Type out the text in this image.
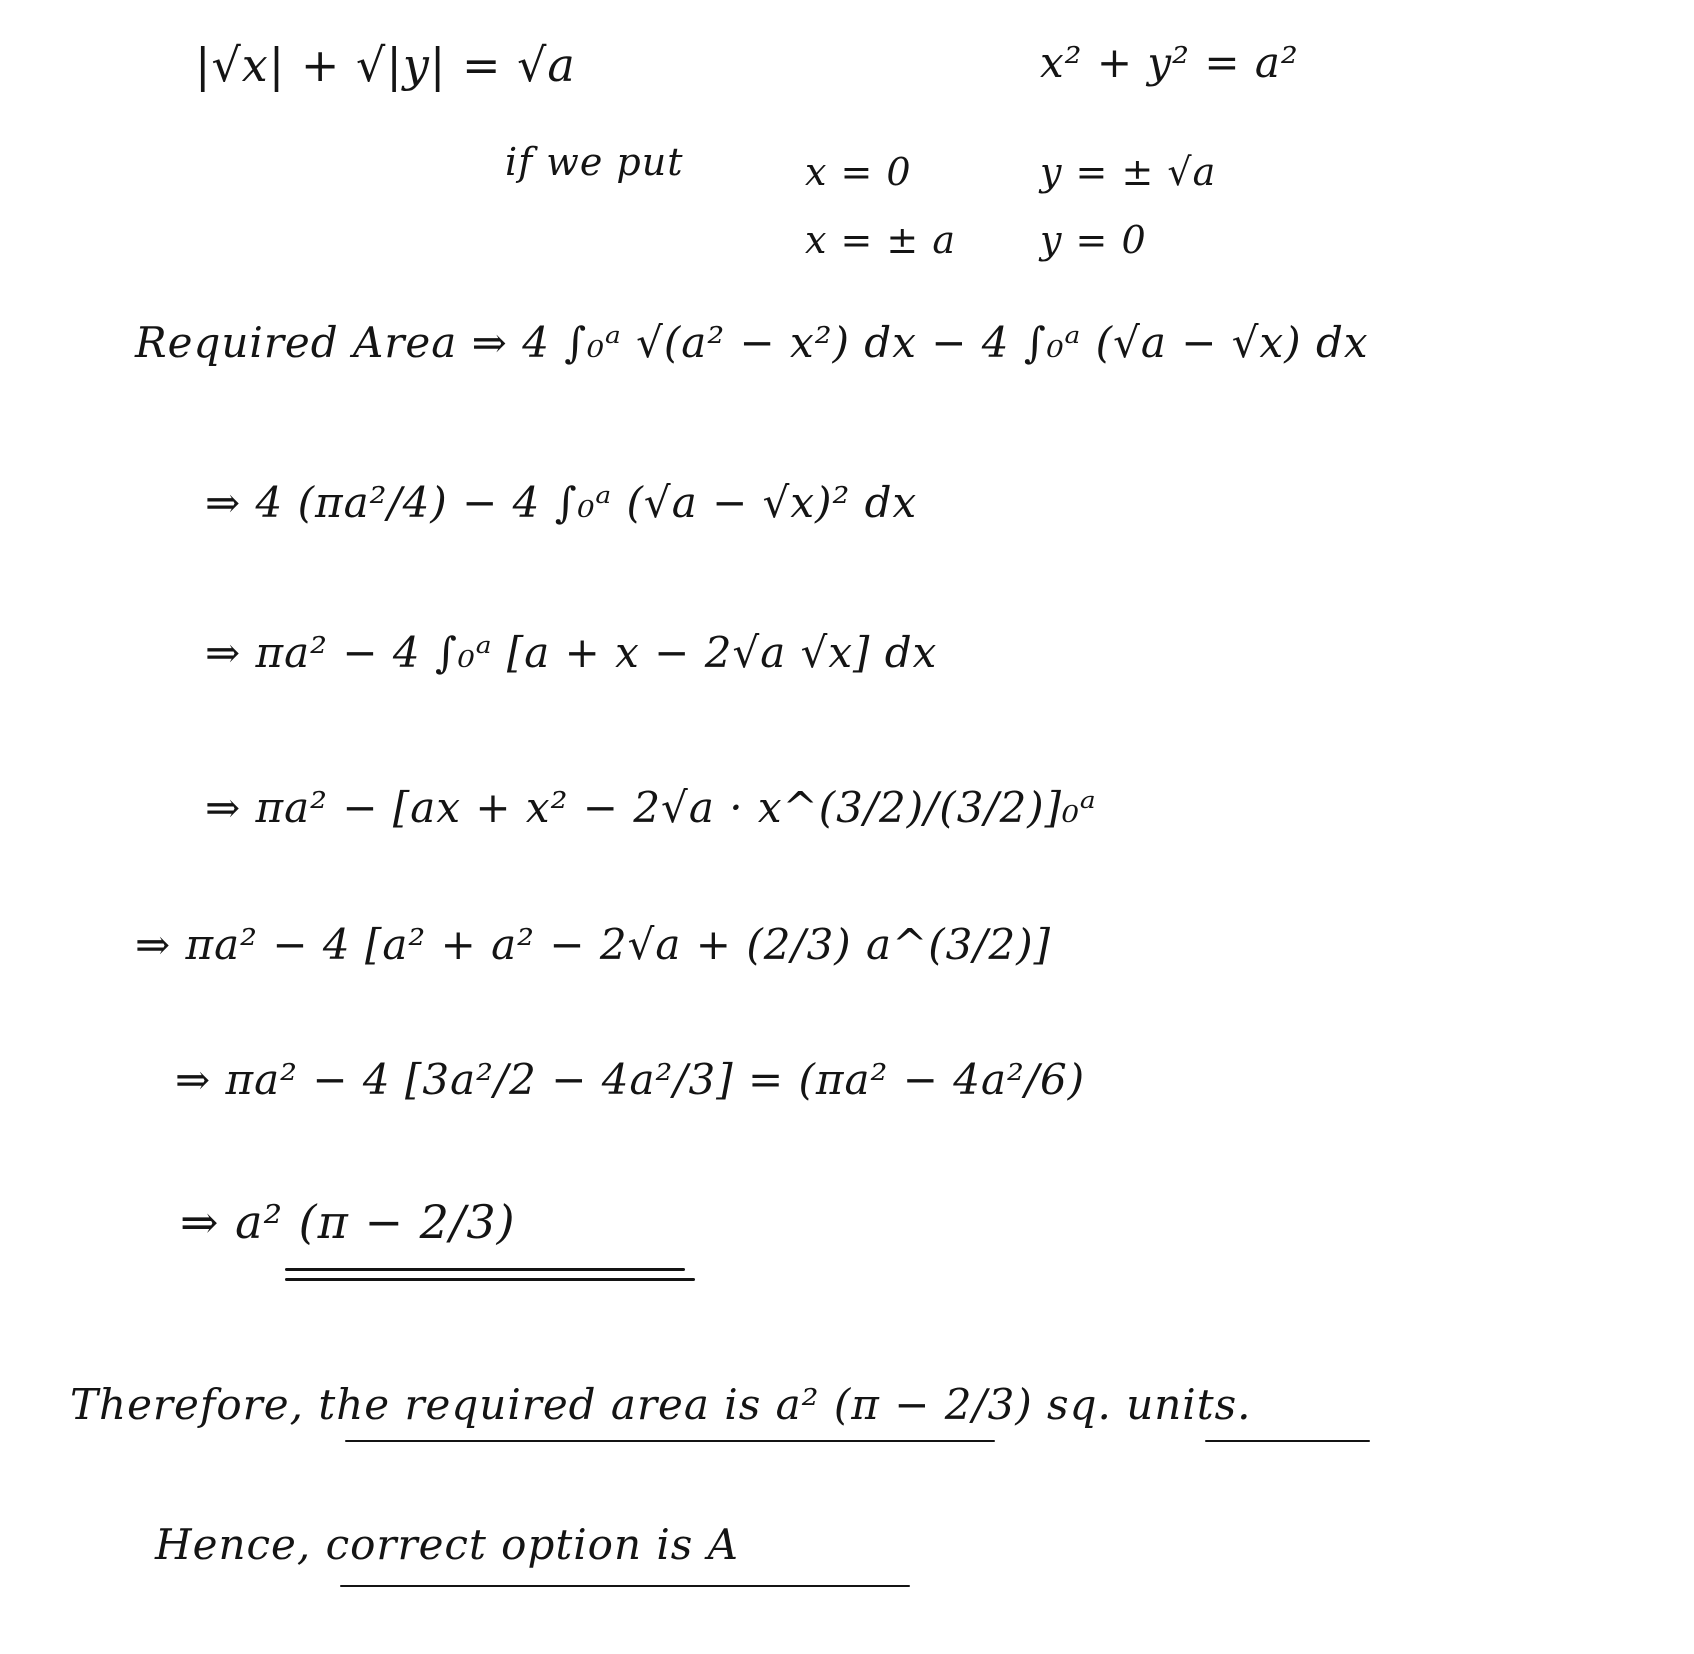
|√x| + √|y| = √a	x² + y² = a²
if we put	x = 0	y = ± √a
x = ± a y = 0
Required Area ⇒ 4 ∫₀ᵃ √(a² − x²) dx − 4 ∫₀ᵃ (√a − √x) dx
⇒ 4 (πa²/4) − 4 ∫₀ᵃ (√a − √x)² dx
⇒ πa² − 4 ∫₀ᵃ [a + x − 2√a √x] dx
⇒ πa² − [ax + x² − 2√a · x^(3/2)/(3/2)]₀ᵃ
⇒ πa² − 4 [a² + a² − 2√a + (2/3) a^(3/2)]
⇒ πa² − 4 [3a²/2 − 4a²/3] = (πa² − 4a²/6)
⇒ a² (π − 2/3)
Therefore, the required area is a² (π − 2/3) sq. units.
Hence, correct option is A
